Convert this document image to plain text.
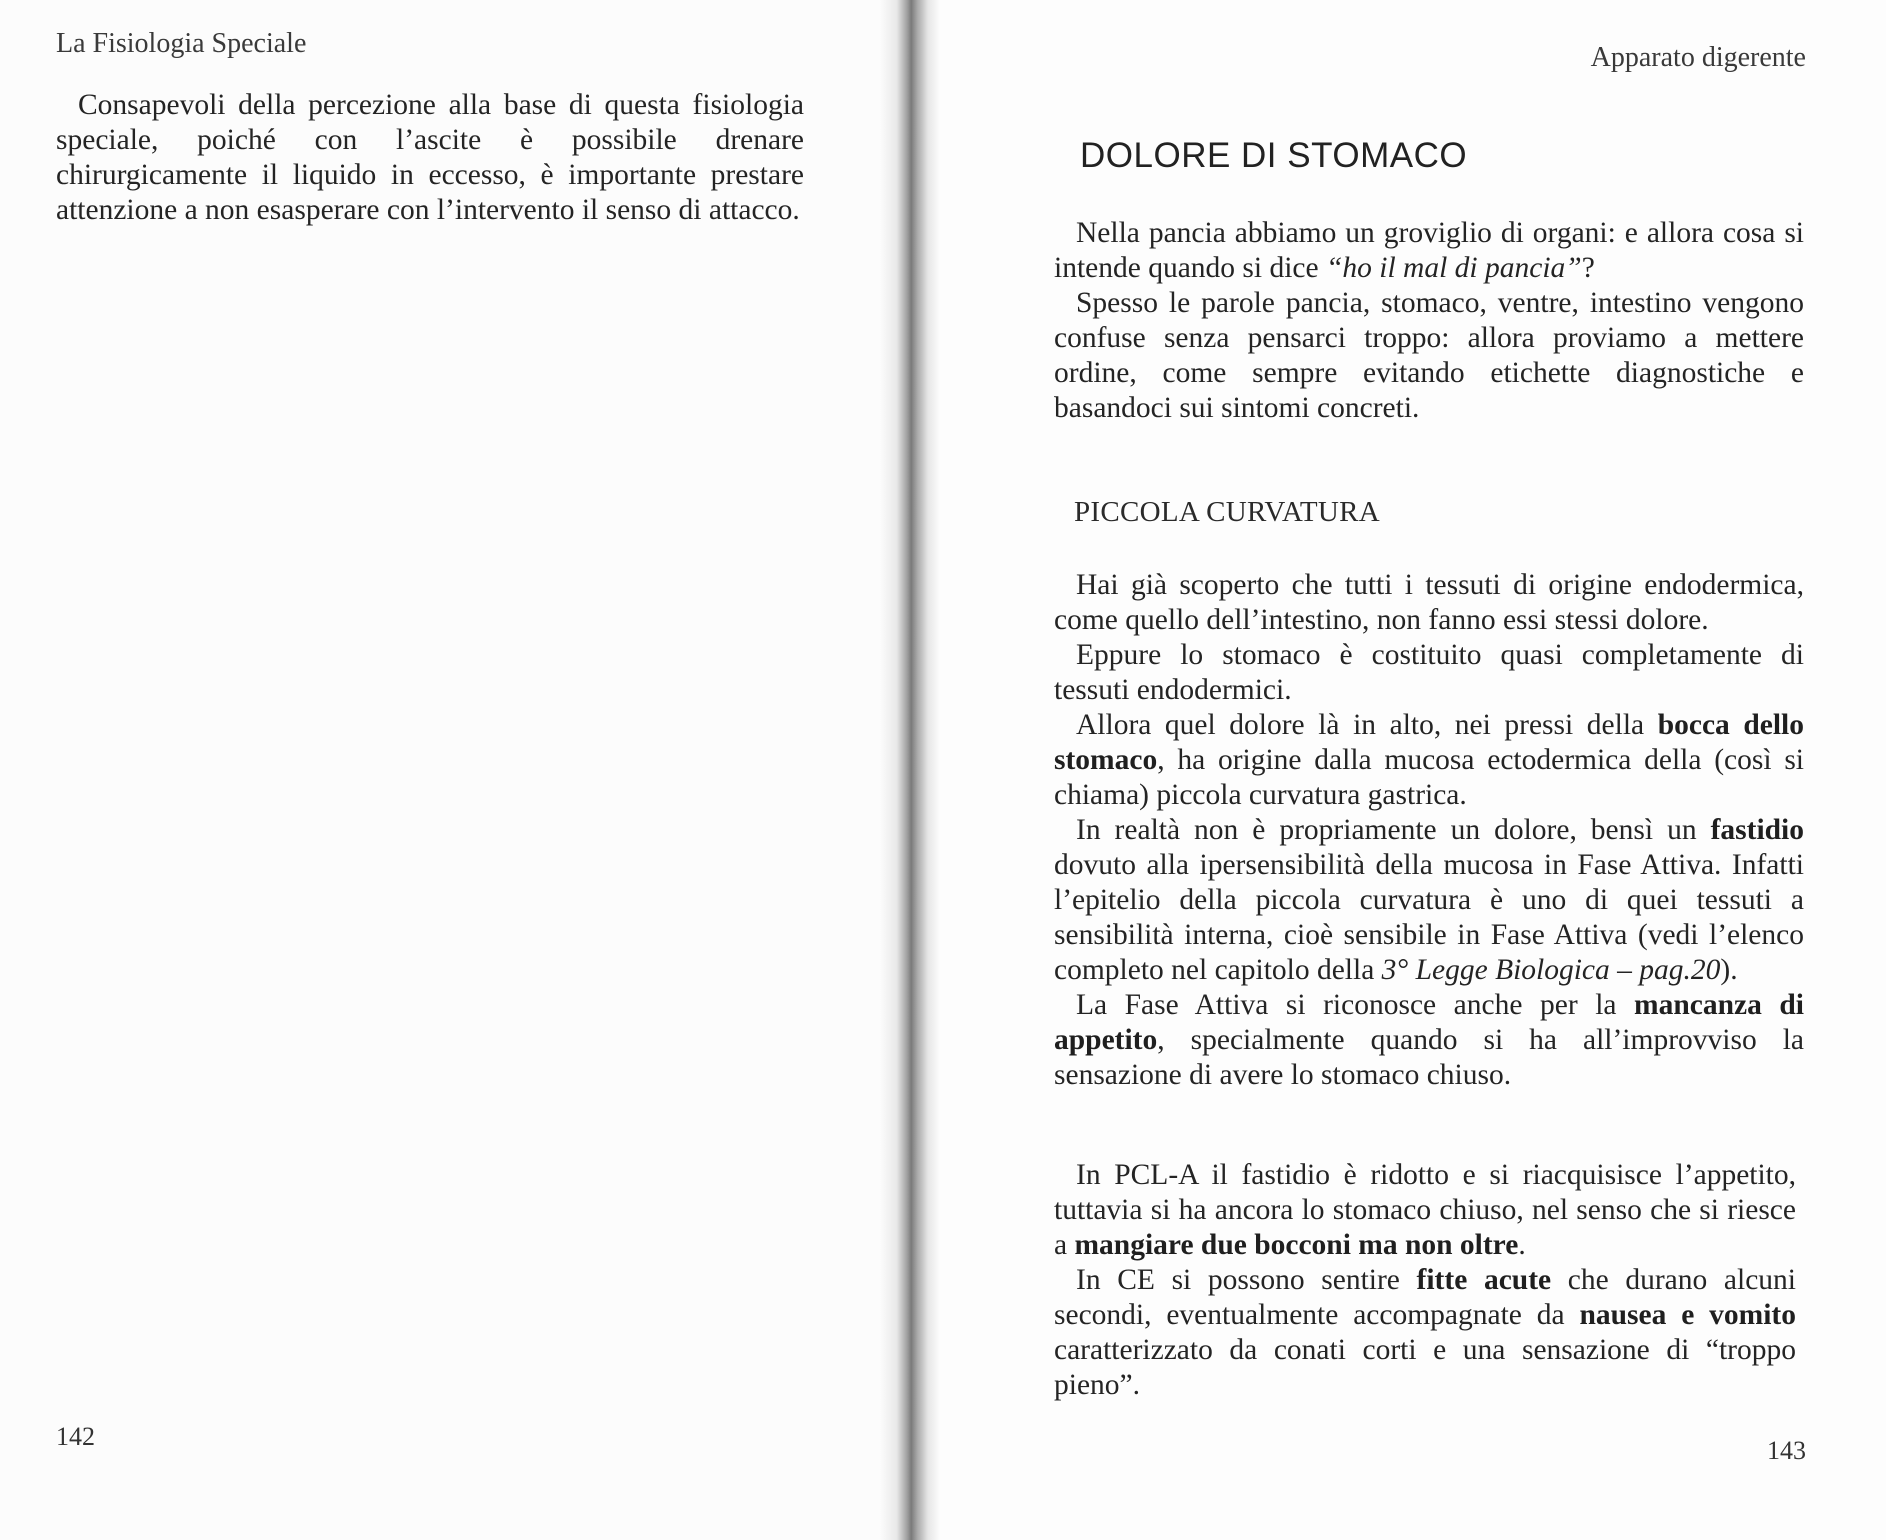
La Fisiologia Speciale

Consapevoli della percezione alla base di questa fisiologia speciale, poiché con l’ascite è possibile drenare chirurgicamente il liquido in eccesso, è importante prestare attenzione a non esasperare con l’intervento il senso di attacco.

142
Apparato digerente
DOLORE DI STOMACO

Nella pancia abbiamo un groviglio di organi: e allora cosa si intende quando si dice “ho il mal di pancia”?

Spesso le parole pancia, stomaco, ventre, intestino vengono confuse senza pensarci troppo: allora proviamo a mettere ordine, come sempre evitando etichette diagnostiche e basandoci sui sintomi concreti.

PICCOLA CURVATURA

Hai già scoperto che tutti i tessuti di origine endodermica, come quello dell’intestino, non fanno essi stessi dolore.

Eppure lo stomaco è costituito quasi completamente di tessuti endodermici.

Allora quel dolore là in alto, nei pressi della bocca dello stomaco, ha origine dalla mucosa ectodermica della (così si chiama) piccola curvatura gastrica.

In realtà non è propriamente un dolore, bensì un fastidio dovuto alla ipersensibilità della mucosa in Fase Attiva. Infatti l’epitelio della piccola curvatura è uno di quei tessuti a sensibilità interna, cioè sensibile in Fase Attiva (vedi l’elenco completo nel capitolo della 3° Legge Biologica – pag.20).

La Fase Attiva si riconosce anche per la mancanza di appetito, specialmente quando si ha all’improvviso la sensazione di avere lo stomaco chiuso.

In PCL-A il fastidio è ridotto e si riacquisisce l’appetito, tuttavia si ha ancora lo stomaco chiuso, nel senso che si riesce a mangiare due bocconi ma non oltre.

In CE si possono sentire fitte acute che durano alcuni secondi, eventualmente accompagnate da nausea e vomito caratterizzato da conati corti e una sensazione di “troppo pieno”.

143
